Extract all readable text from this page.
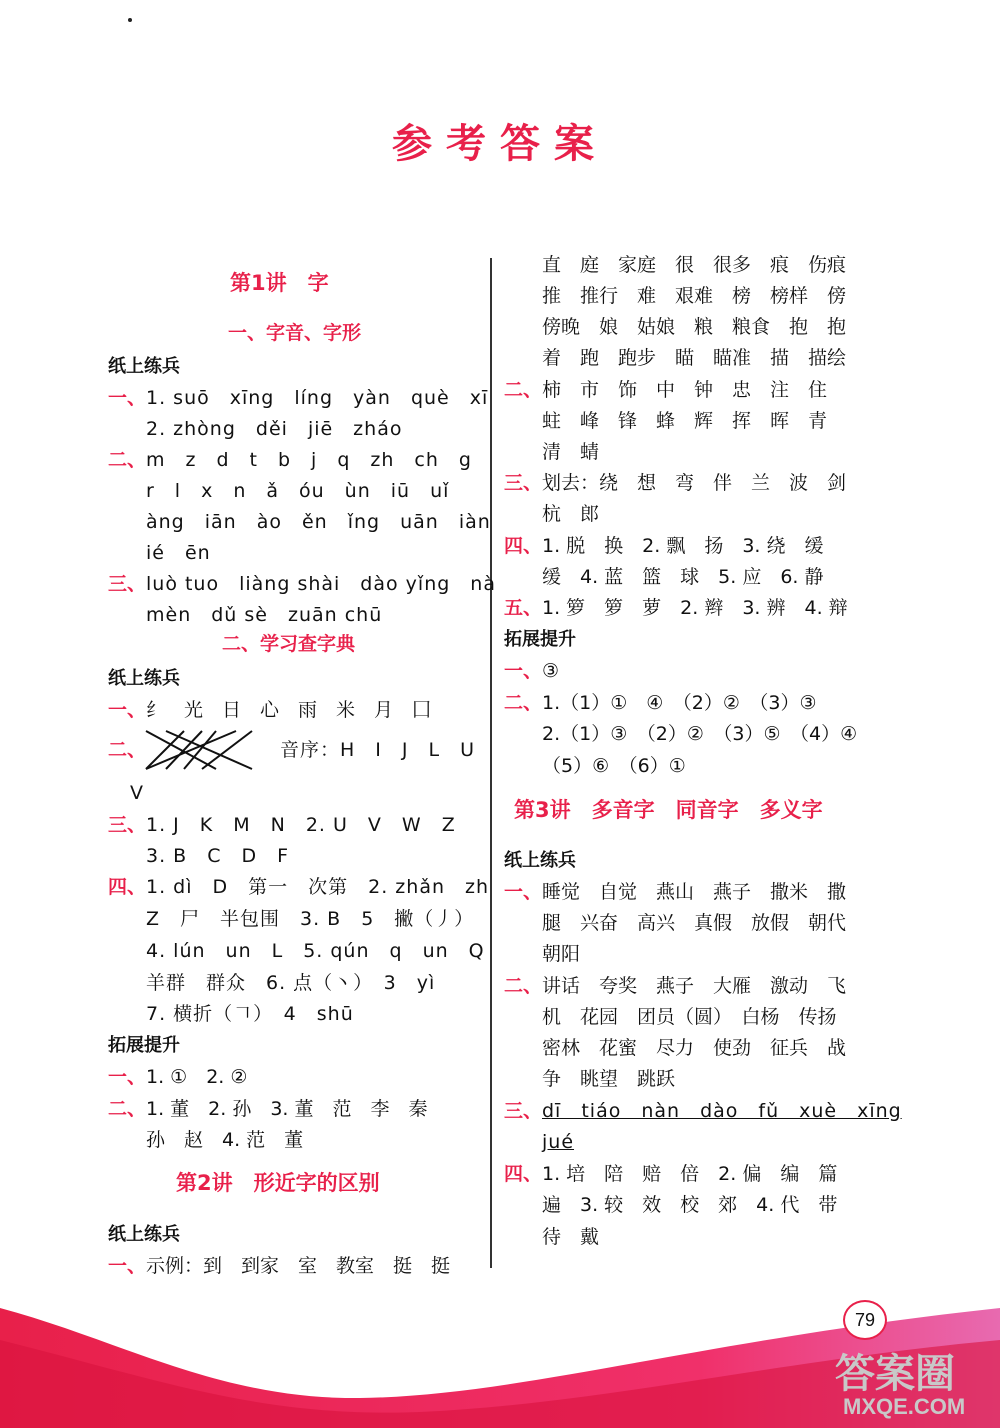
参考答案
第1讲　字
一、字音、字形
纸上练兵
一、 1. suō　xīng　líng　yàn　què　xī
2. zhòng　děi　jiē　zháo
二、 m　z　d　t　b　j　q　zh　ch　g
r　l　x　n　ǎ　óu　ùn　iū　uǐ
àng　iān　ào　ěn　ǐng　uān　iàn
ié　ēn
三、 luò tuo　liàng shài　dào yǐng　nà
mèn　dǔ sè　zuān chū
二、学习查字典
纸上练兵
一、 纟　光　日　心　雨　米　月　囗
二、	音序：H　I　J　L　U
V
三、 1. J　K　M　N　2. U　V　W　Z
3. B　C　D　F
四、 1. dì　D　第一　次第　2. zhǎn　zh
Z　尸　半包围　3. B　5　撇（丿）
4. lún　un　L　5. qún　q　un　Q
羊群　群众　6. 点（丶）　3　yì
7. 横折（𠃍）　4　shū
拓展提升
一、 1. ①　2. ②
二、 1. 董　2. 孙　3. 董　范　李　秦
孙　赵　4. 范　董
第2讲　形近字的区别
纸上练兵
一、 示例：到　到家　室　教室　挺　挺
直　庭　家庭　很　很多　痕　伤痕
推　推行　难　艰难　榜　榜样　傍
傍晚　娘　姑娘　粮　粮食　抱　抱
着　跑　跑步　瞄　瞄准　描　描绘
二、 柿　市　饰　中　钟　忠　注　住
蛀　峰　锋　蜂　辉　挥　晖　青
清　蜻
三、 划去：绕　想　弯　伴　兰　波　剑
杭　郎
四、 1. 脱　换　2. 飘　扬　3. 绕　缓
缓　4. 蓝　篮　球　5. 应　6. 静
五、 1. 箩　箩　萝　2. 辫　3. 辨　4. 辩
拓展提升
一、 ③
二、 1.（1）①　④　（2）②　（3）③
2.（1）③　（2）②　（3）⑤　（4）④
（5）⑥　（6）①
第3讲　多音字　同音字　多义字
纸上练兵
一、 睡觉　自觉　燕山　燕子　撒米　撒
腿　兴奋　高兴　真假　放假　朝代
朝阳
二、 讲话　夸奖　燕子　大雁　激动　飞
机　花园　团员（圆）　白杨　传扬
密林　花蜜　尽力　使劲　征兵　战
争　眺望　跳跃
三、 dī　tiáo　nàn　dào　fǔ　xuè　xīng
jué
四、 1. 培　陪　赔　倍　2. 偏　编　篇
遍　3. 较　效　校　郊　4. 代　带
待　戴
79
答案圈
MXQE.COM
